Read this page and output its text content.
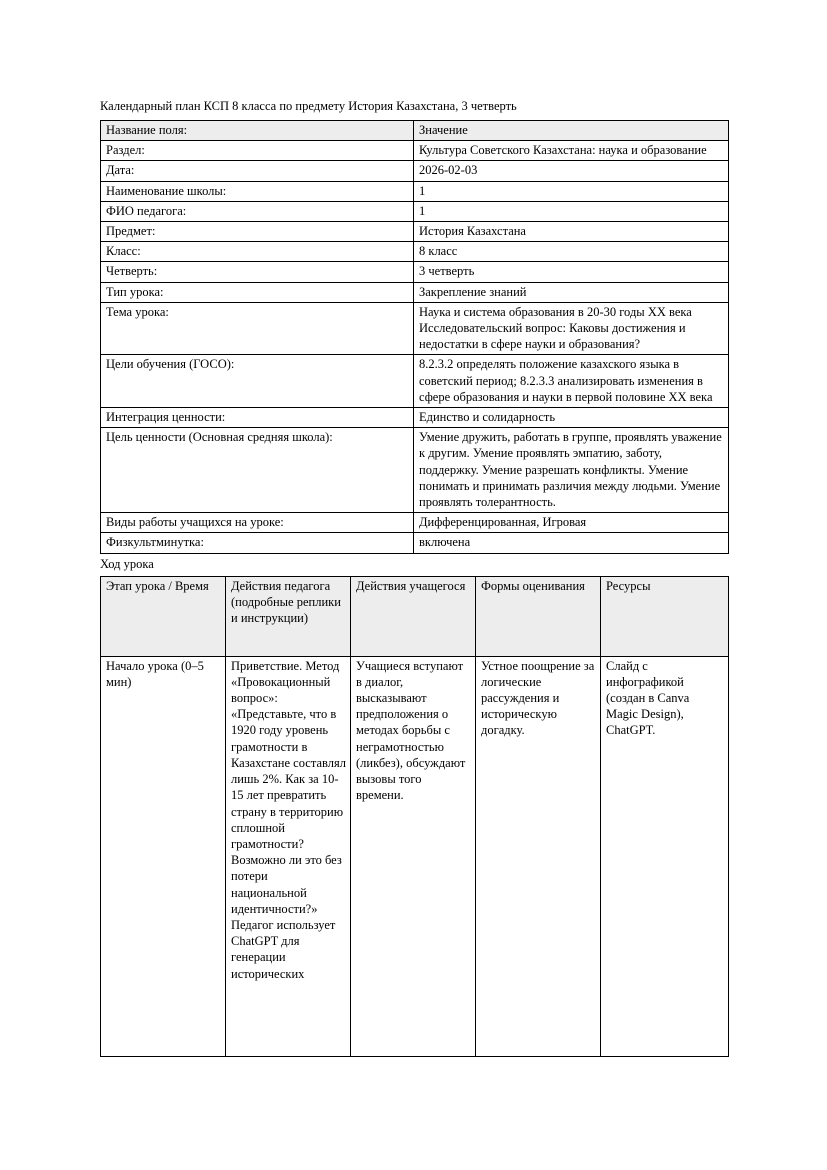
Календарный план КСП 8 класса по предмету История Казахстана, 3 четверть

Название поля:	Значение
Раздел:	Культура Советского Казахстана: наука и образование
Дата:	2026-02-03
Наименование школы:	1
ФИО педагога:	1
Предмет:	История Казахстана
Класс:	8 класс
Четверть:	3 четверть
Тип урока:	Закрепление знаний
Тема урока:	Наука и система образования в 20-30 годы XX века Исследовательский вопрос: Каковы достижения и недостатки в сфере науки и образования?
Цели обучения (ГОСО):	8.2.3.2 определять положение казахского языка в советский период; 8.2.3.3 анализировать изменения в сфере образования и науки в первой половине XX века
Интеграция ценности:	Единство и солидарность
Цель ценности (Основная средняя школа):	Умение дружить, работать в группе, проявлять уважение к другим. Умение проявлять эмпатию, заботу, поддержку. Умение разрешать конфликты. Умение понимать и принимать различия между людьми. Умение проявлять толерантность.
Виды работы учащихся на уроке:	Дифференцированная, Игровая
Физкультминутка:	включена

Ход урока

Этап урока / Время	Действия педагога (подробные реплики и инструкции)	Действия учащегося	Формы оценивания	Ресурсы

Начало урока (0–5 мин)	Приветствие. Метод «Провокационный вопрос»: «Представьте, что в 1920 году уровень грамотности в Казахстане составлял лишь 2%. Как за 10-15 лет превратить страну в территорию сплошной грамотности? Возможно ли это без потери национальной идентичности?» Педагог использует ChatGPT для генерации исторических	Учащиеся вступают в диалог, высказывают предположения о методах борьбы с неграмотностью (ликбез), обсуждают вызовы того времени.	Устное поощрение за логические рассуждения и историческую догадку.	Слайд с инфографикой (создан в Canva Magic Design), ChatGPT.
